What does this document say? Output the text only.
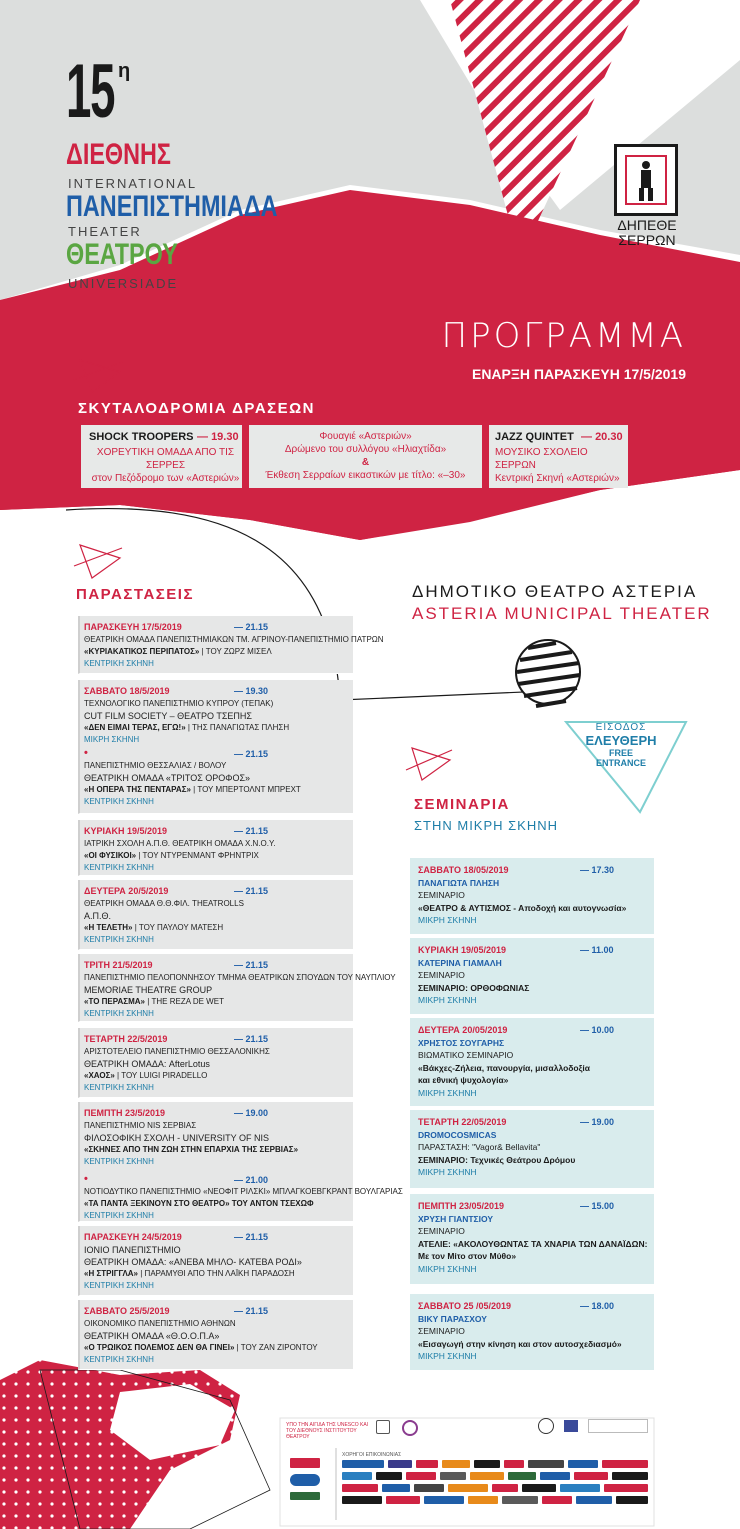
15 η
ΔΙΕΘΝΗΣ
INTERNATIONAL
ΠΑΝΕΠΙΣΤΗΜΙΑΔΑ
THEATER
ΘΕΑΤΡΟΥ
UNIVERSIADE
ΔΗΠΕΘΕ
ΣΕΡΡΩΝ
ΠΡΟΓΡΑΜΜΑ
ΕΝΑΡΞΗ ΠΑΡΑΣΚΕΥΗ 17/5/2019
ΣΚΥΤΑΛΟΔΡΟΜΙΑ ΔΡΑΣΕΩΝ
SHOCK TROOPERS — 19.30
ΧΟΡΕΥΤΙΚΗ ΟΜΑΔΑ ΑΠΟ ΤΙΣ ΣΕΡΡΕΣ
στον Πεζόδρομο των «Αστεριών»
Φουαγιέ «Αστεριών»
Δρώμενο του συλλόγου «Ηλιαχτίδα»
&
Έκθεση Σερραίων εικαστικών με τίτλο: «–30»
JAZZ QUINTET — 20.30
ΜΟΥΣΙΚΟ ΣΧΟΛΕΙΟ ΣΕΡΡΩΝ
Κεντρική Σκηνή «Αστεριών»
ΔΗΜΟΤΙΚΟ ΘΕΑΤΡΟ ΑΣΤΕΡΙΑ
ASTERIA MUNICIPAL THEATER
ΕΙΣΟΔΟΣ
ΕΛΕΥΘΕΡΗ
FREE
ENTRANCE
ΠΑΡΑΣΤΑΣΕΙΣ
ΣΕΜΙΝΑΡΙΑ
ΣΤΗΝ ΜΙΚΡΗ ΣΚΗΝΗ
ΠΑΡΑΣΚΕΥΗ 17/5/2019	— 21.15
ΘΕΑΤΡΙΚΗ ΟΜΑΔΑ ΠΑΝΕΠΙΣΤΗΜΙΑΚΩΝ ΤΜ. ΑΓΡΙΝΟΥ-ΠΑΝΕΠΙΣΤΗΜΙΟ ΠΑΤΡΩΝ
«ΚΥΡΙΑΚΑΤΙΚΟΣ ΠΕΡΙΠΑΤΟΣ» | ΤΟΥ ΖΩΡΖ ΜΙΣΕΛ
ΚΕΝΤΡΙΚΗ ΣΚΗΝΗ
ΣΑΒΒΑΤΟ 18/5/2019	— 19.30
ΤΕΧΝΟΛΟΓΙΚΟ ΠΑΝΕΠΙΣΤΗΜΙΟ ΚΥΠΡΟΥ (ΤΕΠΑΚ)
CUT FILM SOCIETY – ΘΕΑΤΡΟ ΤΣΕΠΗΣ
«ΔΕΝ ΕΙΜΑΙ ΤΕΡΑΣ, ΕΓΩ!» | ΤΗΣ ΠΑΝΑΓΙΩΤΑΣ ΠΛΗΣΗ
ΜΙΚΡΗ ΣΚΗΝΗ
•	— 21.15
ΠΑΝΕΠΙΣΤΗΜΙΟ ΘΕΣΣΑΛΙΑΣ / ΒΟΛΟΥ
ΘΕΑΤΡΙΚΗ ΟΜΑΔΑ «ΤΡΙΤΟΣ ΟΡΟΦΟΣ»
«Η ΟΠΕΡΑ ΤΗΣ ΠΕΝΤΑΡΑΣ» | ΤΟΥ ΜΠΕΡΤΟΛΝΤ ΜΠΡΕΧΤ
ΚΕΝΤΡΙΚΗ ΣΚΗΝΗ
ΚΥΡΙΑΚΗ 19/5/2019	— 21.15
ΙΑΤΡΙΚΗ ΣΧΟΛΗ Α.Π.Θ. ΘΕΑΤΡΙΚΗ ΟΜΑΔΑ Χ.Ν.Ο.Υ.
«ΟΙ ΦΥΣΙΚΟΙ» | ΤΟΥ ΝΤΥΡΕΝΜΑΝΤ ΦΡΗΝΤΡΙΧ
ΚΕΝΤΡΙΚΗ ΣΚΗΝΗ
ΔΕΥΤΕΡΑ 20/5/2019	— 21.15
ΘΕΑΤΡΙΚΗ ΟΜΑΔΑ Θ.Θ.ΦΙΛ. THEATROLLS
Α.Π.Θ.
«Η ΤΕΛΕΤΗ» | ΤΟΥ ΠΑΥΛΟΥ ΜΑΤΕΣΗ
ΚΕΝΤΡΙΚΗ ΣΚΗΝΗ
ΤΡΙΤΗ 21/5/2019	— 21.15
ΠΑΝΕΠΙΣΤΗΜΙΟ ΠΕΛΟΠΟΝΝΗΣΟΥ ΤΜΗΜΑ ΘΕΑΤΡΙΚΩΝ ΣΠΟΥΔΩΝ ΤΟΥ ΝΑΥΠΛΙΟΥ
MEMORIAE THEATRE GROUP
«ΤΟ ΠΕΡΑΣΜΑ» | THE REZA DE WET
ΚΕΝΤΡΙΚΗ ΣΚΗΝΗ
ΤΕΤΑΡΤΗ 22/5/2019	— 21.15
ΑΡΙΣΤΟΤΕΛΕΙΟ ΠΑΝΕΠΙΣΤΗΜΙΟ ΘΕΣΣΑΛΟΝΙΚΗΣ
ΘΕΑΤΡΙΚΗ ΟΜΑΔΑ: AfterLotus
«ΧΑΟΣ» | ΤΟΥ LUIGI PIRADELLO
ΚΕΝΤΡΙΚΗ ΣΚΗΝΗ
ΠΕΜΠΤΗ 23/5/2019	— 19.00
ΠΑΝΕΠΙΣΤΗΜΙΟ NIS ΣΕΡΒΙΑΣ
ΦΙΛΟΣΟΦΙΚΗ ΣΧΟΛΗ - UNIVERSITY OF NIS
«ΣΚΗΝΕΣ ΑΠΟ ΤΗΝ ΖΩΗ ΣΤΗΝ ΕΠΑΡΧΙΑ ΤΗΣ ΣΕΡΒΙΑΣ»
ΚΕΝΤΡΙΚΗ ΣΚΗΝΗ
•	— 21.00
ΝΟΤΙΟΔΥΤΙΚΟ ΠΑΝΕΠΙΣΤΗΜΙΟ «ΝΕΟΦΙΤ ΡΙΛΣΚΙ» ΜΠΛΑΓΚΟΕΒΓΚΡΑΝΤ ΒΟΥΛΓΑΡΙΑΣ
«ΤΑ ΠΑΝΤΑ ΞΕΚΙΝΟΥΝ ΣΤΟ ΘΕΑΤΡΟ» ΤΟΥ ΑΝΤΟΝ ΤΣΕΧΩΦ
ΚΕΝΤΡΙΚΗ ΣΚΗΝΗ
ΠΑΡΑΣΚΕΥΗ 24/5/2019	— 21.15
ΙΟΝΙΟ ΠΑΝΕΠΙΣΤΗΜΙΟ
ΘΕΑΤΡΙΚΗ ΟΜΑΔΑ: «ΑΝΕΒΑ ΜΗΛΟ- ΚΑΤΕΒΑ ΡΟΔΙ»
«Η ΣΤΡΙΓΓΛΑ» | ΠΑΡΑΜΥΘΙ ΑΠΟ ΤΗΝ ΛΑΪΚΗ ΠΑΡΑΔΟΣΗ
ΚΕΝΤΡΙΚΗ ΣΚΗΝΗ
ΣΑΒΒΑΤΟ 25/5/2019	— 21.15
ΟΙΚΟΝΟΜΙΚΟ ΠΑΝΕΠΙΣΤΗΜΙΟ ΑΘΗΝΩΝ
ΘΕΑΤΡΙΚΗ ΟΜΑΔΑ «Θ.Ο.Ο.Π.Α»
«Ο ΤΡΩΙΚΟΣ ΠΟΛΕΜΟΣ ΔΕΝ ΘΑ ΓΙΝΕΙ» | ΤΟΥ ΖΑΝ ΖΙΡΟΝΤΟΥ
ΚΕΝΤΡΙΚΗ ΣΚΗΝΗ
ΣΑΒΒΑΤΟ 18/05/2019	— 17.30
ΠΑΝΑΓΙΩΤΑ ΠΛΗΣΗ
ΣΕΜΙΝΑΡΙΟ
«ΘΕΑΤΡΟ & ΑΥΤΙΣΜΟΣ - Αποδοχή και αυτογνωσία»
ΜΙΚΡΗ ΣΚΗΝΗ
ΚΥΡΙΑΚΗ 19/05/2019	— 11.00
ΚΑΤΕΡΙΝΑ ΓΙΑΜΑΛΗ
ΣΕΜΙΝΑΡΙΟ
ΣΕΜΙΝΑΡΙΟ: ΟΡΘΟΦΩΝΙΑΣ
ΜΙΚΡΗ ΣΚΗΝΗ
ΔΕΥΤΕΡΑ 20/05/2019	— 10.00
ΧΡΗΣΤΟΣ ΣΟΥΓΑΡΗΣ
ΒΙΩΜΑΤΙΚΟ ΣΕΜΙΝΑΡΙΟ
«Βάκχες-Ζήλεια, πανουργία, μισαλλοδοξία
και εθνική ψυχολογία»
ΜΙΚΡΗ ΣΚΗΝΗ
ΤΕΤΑΡΤΗ 22/05/2019	— 19.00
DROMOCOSMICAS
ΠΑΡΑΣΤΑΣΗ: "Vagor& Bellavita"
ΣΕΜΙΝΑΡΙΟ: Τεχνικές Θεάτρου Δρόμου
ΜΙΚΡΗ ΣΚΗΝΗ
ΠΕΜΠΤΗ 23/05/2019	— 15.00
ΧΡΥΣΗ ΓΙΑΝΤΣΙΟΥ
ΣΕΜΙΝΑΡΙΟ
ΑΤΕΛΙΕ: «ΑΚΟΛΟΥΘΩΝΤΑΣ ΤΑ ΧΝΑΡΙΑ ΤΩΝ ΔΑΝΑΪΔΩΝ:
Με τον Μίτο στον Μύθο»
ΜΙΚΡΗ ΣΚΗΝΗ
ΣΑΒΒΑΤΟ 25 /05/2019	— 18.00
ΒΙΚΥ ΠΑΡΑΣΧΟΥ
ΣΕΜΙΝΑΡΙΟ
«Εισαγωγή στην κίνηση και στον αυτοσχεδιασμό»
ΜΙΚΡΗ ΣΚΗΝΗ
ΥΠΟ ΤΗΝ ΑΙΓΙΔΑ ΤΗΣ UNESCO ΚΑΙ ΤΟΥ ΔΙΕΘΝΟΥΣ ΙΝΣΤΙΤΟΥΤΟΥ ΘΕΑΤΡΟΥ
ΧΟΡΗΓΟΙ ΕΠΙΚΟΙΝΩΝΙΑΣ
